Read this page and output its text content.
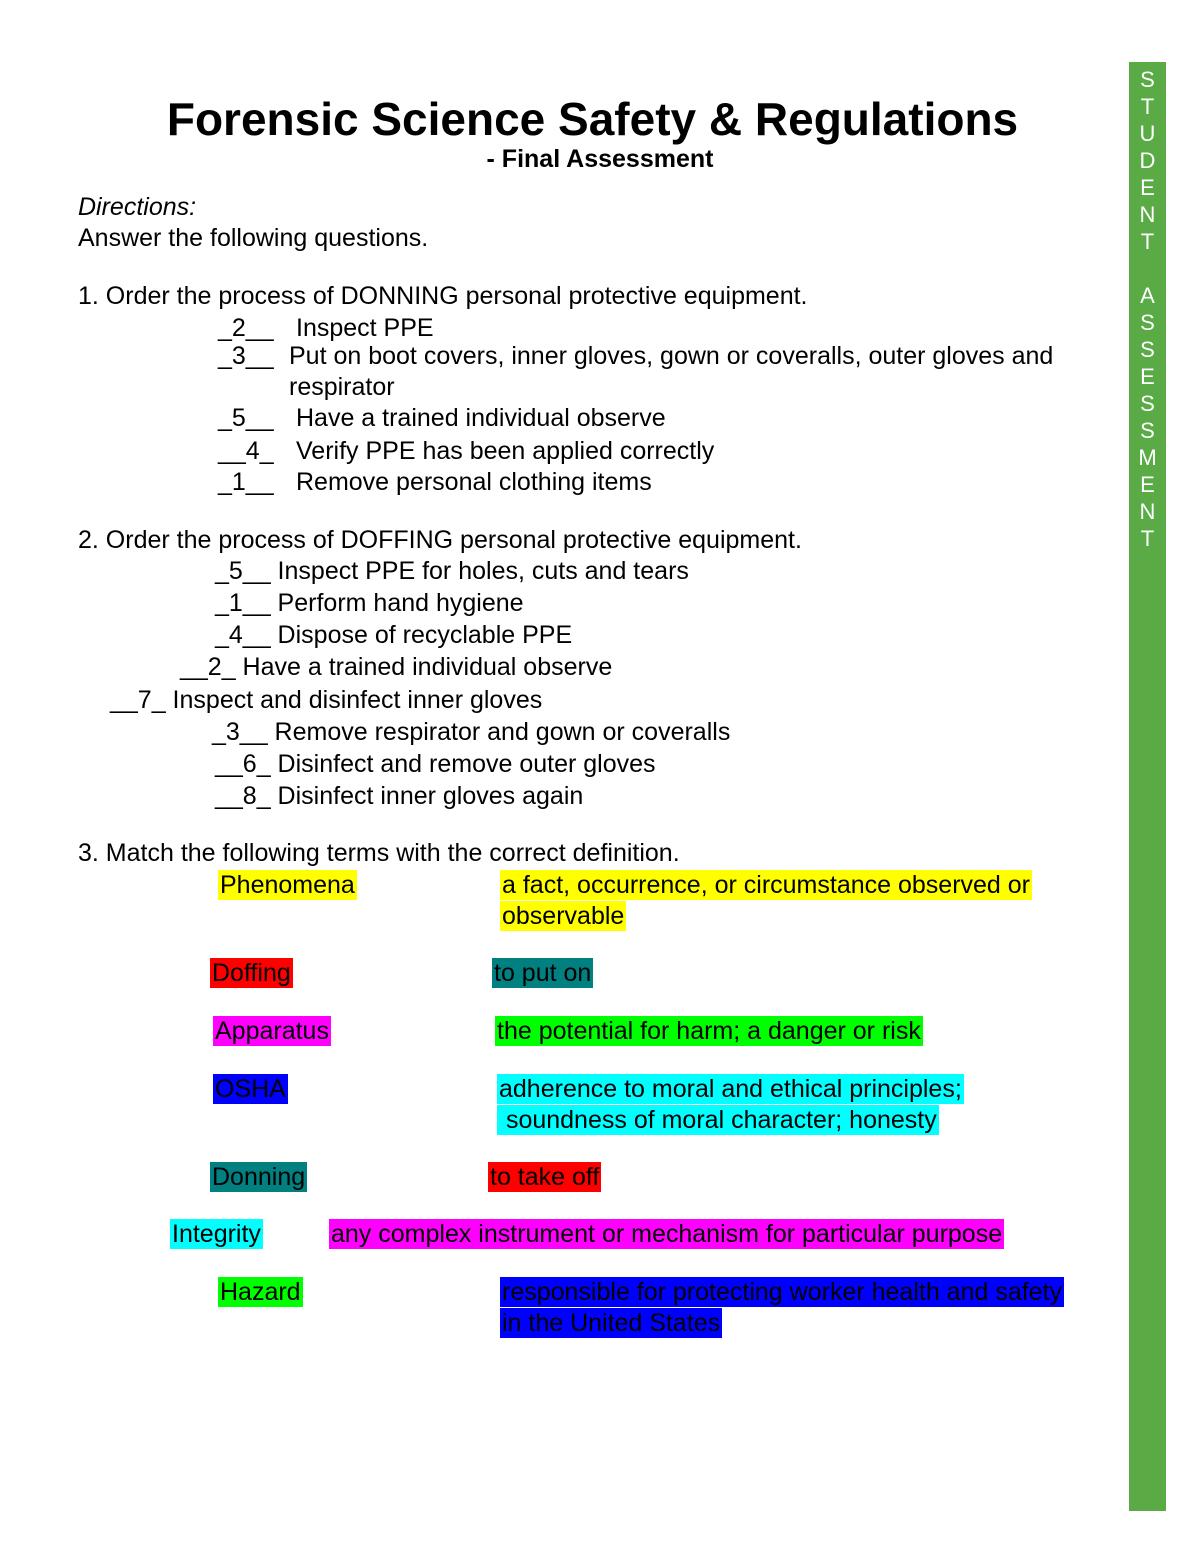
Forensic Science Safety & Regulations
- Final Assessment
Directions:
Answer the following questions.
1. Order the process of DONNING personal protective equipment.
_2__ Inspect PPE
_3__ Put on boot covers, inner gloves, gown or coveralls, outer gloves and
respirator
_5__ Have a trained individual observe
__4_ Verify PPE has been applied correctly
_1__ Remove personal clothing items
2. Order the process of DOFFING personal protective equipment.
_5__ Inspect PPE for holes, cuts and tears
_1__ Perform hand hygiene
_4__ Dispose of recyclable PPE
__2_ Have a trained individual observe
__7_ Inspect and disinfect inner gloves
_3__ Remove respirator and gown or coveralls
__6_ Disinfect and remove outer gloves
__8_ Disinfect inner gloves again
3. Match the following terms with the correct definition.
Phenomena
Doffing
Apparatus
OSHA
Donning
Integrity
Hazard
a fact, occurrence, or circumstance observed or
observable
to put on
the potential for harm; a danger or risk
adherence to moral and ethical principles;
soundness of moral character; honesty
to take off
any complex instrument or mechanism for particular purpose
responsible for protecting worker health and safety
in the United States
S
T
U
D
E
N
T
A
S
S
E
S
S
M
E
N
T
